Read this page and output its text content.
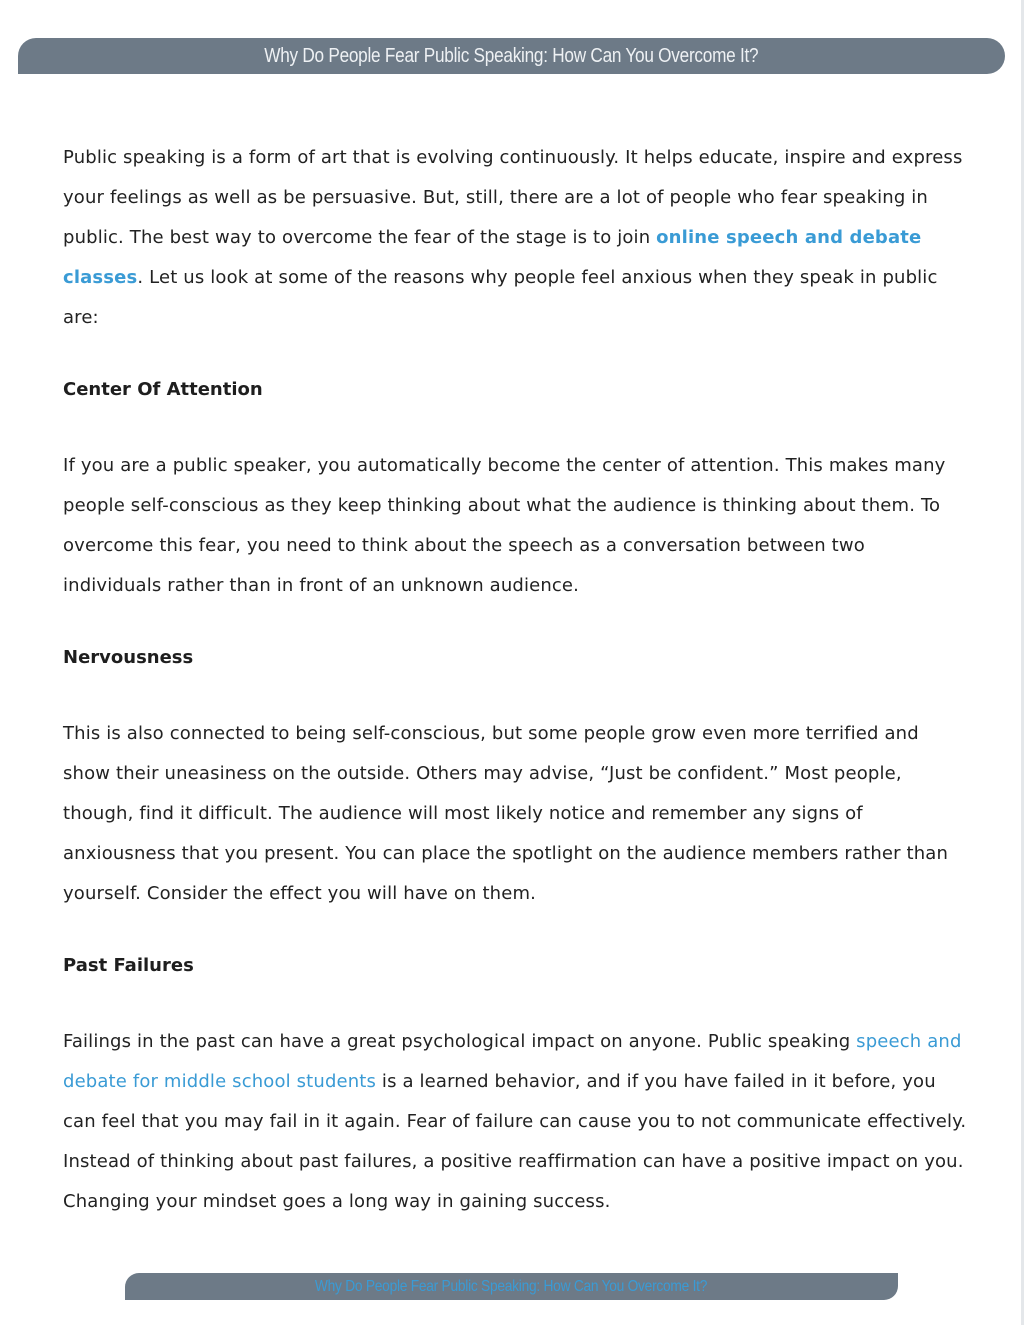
Why Do People Fear Public Speaking: How Can You Overcome It?

Public speaking is a form of art that is evolving continuously. It helps educate, inspire and express your feelings as well as be persuasive. But, still, there are a lot of people who fear speaking in public. The best way to overcome the fear of the stage is to join online speech and debate classes. Let us look at some of the reasons why people feel anxious when they speak in public are:

Center Of Attention

If you are a public speaker, you automatically become the center of attention. This makes many people self-conscious as they keep thinking about what the audience is thinking about them. To overcome this fear, you need to think about the speech as a conversation between two individuals rather than in front of an unknown audience.

Nervousness

This is also connected to being self-conscious, but some people grow even more terrified and show their uneasiness on the outside. Others may advise, “Just be confident.” Most people, though, find it difficult. The audience will most likely notice and remember any signs of anxiousness that you present. You can place the spotlight on the audience members rather than yourself. Consider the effect you will have on them.

Past Failures

Failings in the past can have a great psychological impact on anyone. Public speaking speech and debate for middle school students is a learned behavior, and if you have failed in it before, you can feel that you may fail in it again. Fear of failure can cause you to not communicate effectively. Instead of thinking about past failures, a positive reaffirmation can have a positive impact on you. Changing your mindset goes a long way in gaining success.

Why Do People Fear Public Speaking: How Can You Overcome It?
